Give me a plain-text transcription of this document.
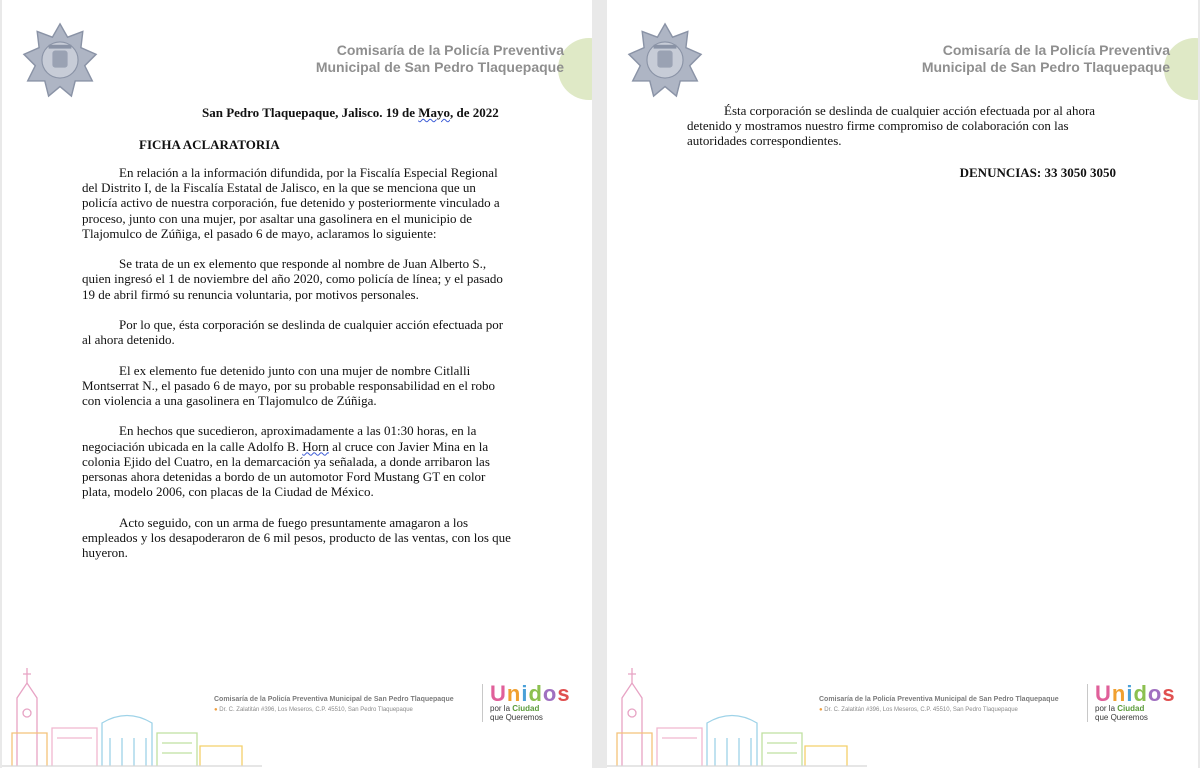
Comisaría de la Policía Preventiva
Municipal de San Pedro Tlaquepaque
San Pedro Tlaquepaque, Jalisco. 19 de Mayo, de 2022
FICHA ACLARATORIA

En relación a la información difundida, por la Fiscalía Especial Regional del Distrito I, de la Fiscalía Estatal de Jalisco, en la que se menciona que un policía activo de nuestra corporación, fue detenido y posteriormente vinculado a proceso, junto con una mujer, por asaltar una gasolinera en el municipio de Tlajomulco de Zúñiga, el pasado 6 de mayo, aclaramos lo siguiente:

Se trata de un ex elemento que responde al nombre de Juan Alberto S., quien ingresó el 1 de noviembre del año 2020, como policía de línea; y el pasado 19 de abril firmó su renuncia voluntaria, por motivos personales.

Por lo que, ésta corporación se deslinda de cualquier acción efectuada por al ahora detenido.

El ex elemento fue detenido junto con una mujer de nombre Citlalli Montserrat N., el pasado 6 de mayo, por su probable responsabilidad en el robo con violencia a una gasolinera en Tlajomulco de Zúñiga.

En hechos que sucedieron, aproximadamente a las 01:30 horas, en la negociación ubicada en la calle Adolfo B. Horn al cruce con Javier Mina en la colonia Ejido del Cuatro, en la demarcación ya señalada, a donde arribaron las personas ahora detenidas a bordo de un automotor Ford Mustang GT en color plata, modelo 2006, con placas de la Ciudad de México.

Acto seguido, con un arma de fuego presuntamente amagaron a los empleados y los desapoderaron de 6 mil pesos, producto de las ventas, con los que huyeron.

Comisaría de la Policía Preventiva Municipal de San Pedro Tlaquepaque
● Dr. C. Zalatitán #396, Los Meseros, C.P. 45510, San Pedro Tlaquepaque
Unidos
por la Ciudad
que Queremos
Comisaría de la Policía Preventiva
Municipal de San Pedro Tlaquepaque

Ésta corporación se deslinda de cualquier acción efectuada por al ahora detenido y mostramos nuestro firme compromiso de colaboración con las autoridades correspondientes.

DENUNCIAS: 33 3050 3050
Comisaría de la Policía Preventiva Municipal de San Pedro Tlaquepaque
● Dr. C. Zalatitán #396, Los Meseros, C.P. 45510, San Pedro Tlaquepaque
Unidos
por la Ciudad
que Queremos
